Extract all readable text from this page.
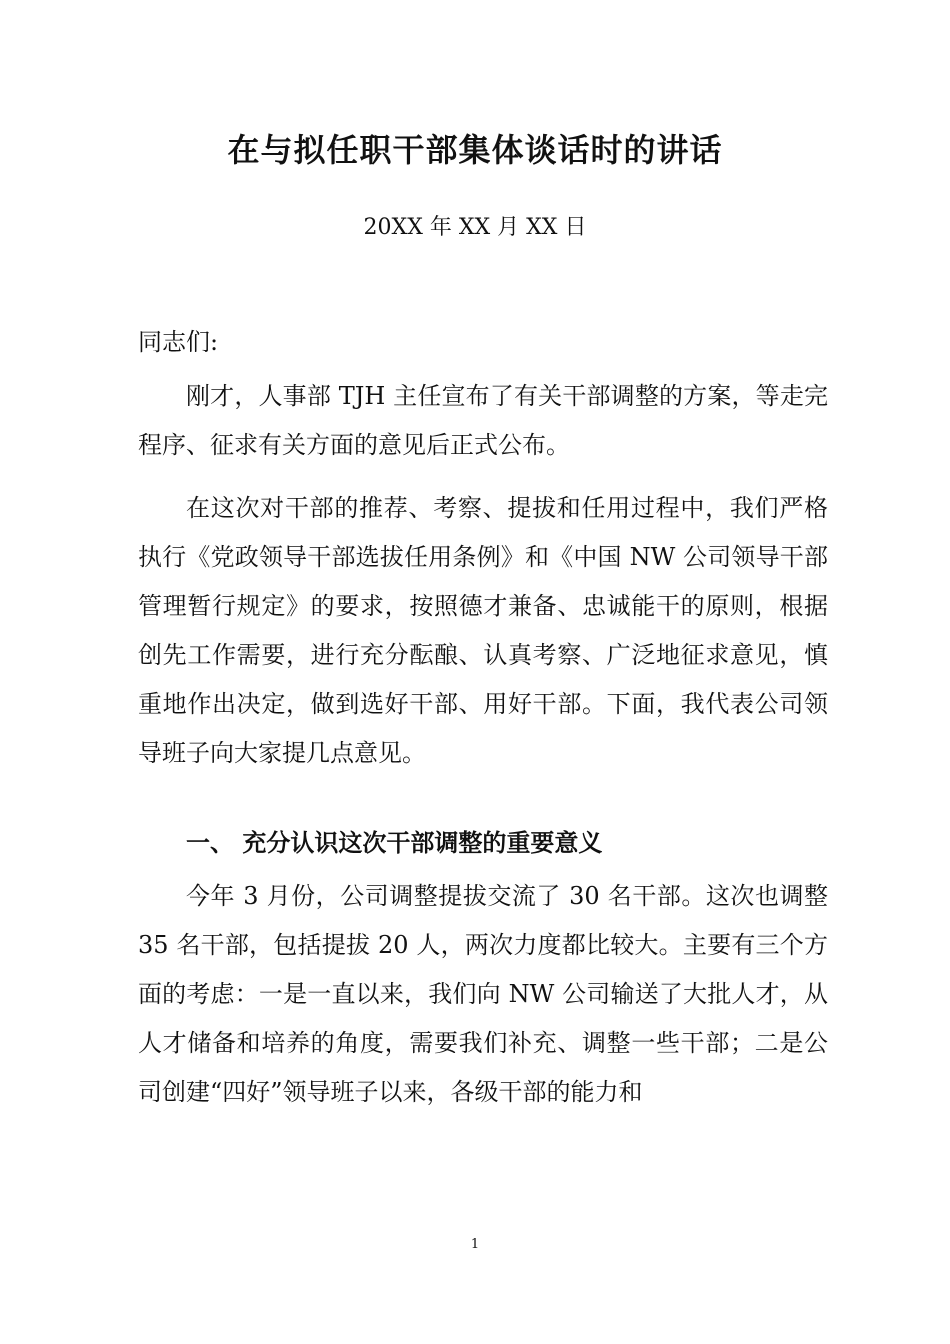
在与拟任职干部集体谈话时的讲话
20XX 年 XX 月 XX 日
同志们:
刚才，人事部 TJH 主任宣布了有关干部调整的方案，等走完程序、征求有关方面的意见后正式公布。
在这次对干部的推荐、考察、提拔和任用过程中，我们严格执行《党政领导干部选拔任用条例》和《中国 NW 公司领导干部管理暂行规定》的要求，按照德才兼备、忠诚能干的原则，根据创先工作需要，进行充分酝酿、认真考察、广泛地征求意见，慎重地作出决定，做到选好干部、用好干部。下面，我代表公司领导班子向大家提几点意见。
一、 充分认识这次干部调整的重要意义
今年 3 月份，公司调整提拔交流了 30 名干部。这次也调整 35 名干部，包括提拔 20 人，两次力度都比较大。主要有三个方面的考虑：一是一直以来，我们向 NW 公司输送了大批人才，从人才储备和培养的角度，需要我们补充、调整一些干部；二是公司创建“四好”领导班子以来，各级干部的能力和
1
